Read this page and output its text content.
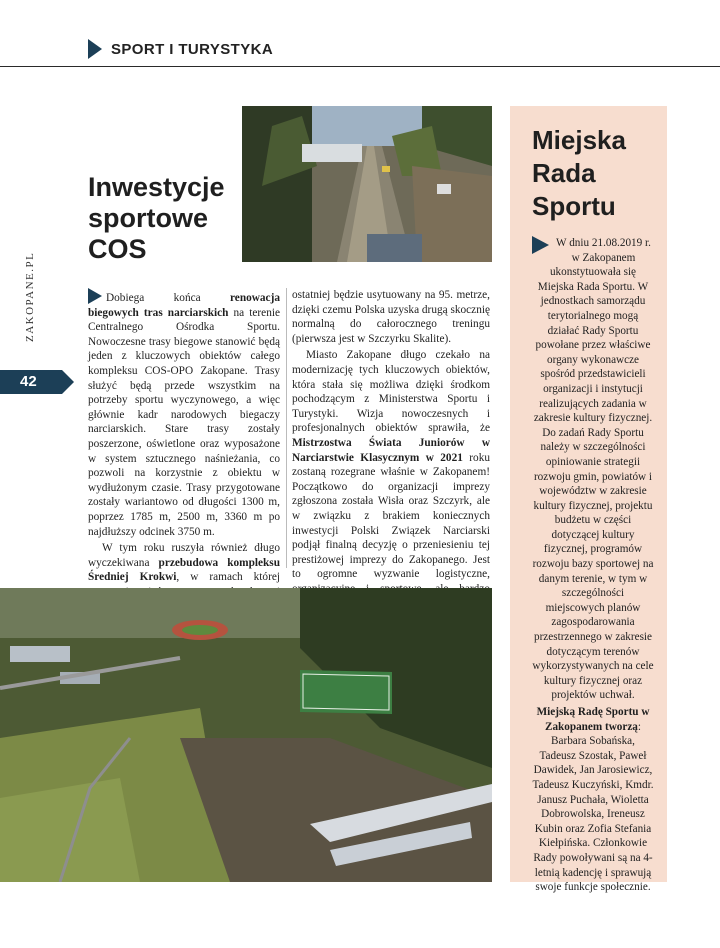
SPORT I TURYSTYKA
ZAKOPANE.PL
42
Inwestycje sportowe COS

Dobiega końca renowacja biegowych tras narciarskich na terenie Centralnego Ośrodka Sportu. Nowoczesne trasy biegowe stanowić będą jeden z kluczowych obiektów całego kompleksu COS-OPO Zakopane. Trasy służyć będą przede wszystkim na potrzeby sportu wyczynowego, a więc głównie kadr narodowych biegaczy narciarskich. Stare trasy zostały poszerzone, oświetlone oraz wyposażone w system sztucznego naśnieżania, co pozwoli na korzystnie z obiektu w wydłużonym czasie. Trasy przygotowane zostały wariantowo od długości 1300 m, poprzez 1785 m, 2500 m, 3360 m po najdłuższy odcinek 3750 m.

W tym roku ruszyła również długo wyczekiwana przebudowa kompleksu Średniej Krokwi, w ramach której

ostatniej będzie usytuowany na 95. metrze, dzięki czemu Polska uzyska drugą skocznię normalną do całorocznego treningu (pierwsza jest w Szczyrku Skalite).

Miasto Zakopane długo czekało na modernizację tych kluczowych obiektów, która stała się możliwa dzięki środkom pochodzącym z Ministerstwa Sportu i Turystyki. Wizja nowoczesnych i profesjonalnych obiektów sprawiła, że Mistrzostwa Świata Juniorów w Narciarstwie Klasycznym w 2021 roku zostaną rozegrane właśnie w Zakopanem! Początkowo do organizacji imprezy zgłoszona została Wisła oraz Szczyrk, ale w związku z brakiem koniecznych inwestycji Polski Związek Narciarski podjął finalną decyzję o przeniesieniu tej prestiżowej imprezy do Zakopanego. Jest to ogromne wyzwanie logistyczne,

Miejska Rada Sportu

W dniu 21.08.2019 r. w Zakopanem ukonstytuowała się Miejska Rada Sportu. W jednostkach samorządu terytorialnego mogą działać Rady Sportu powołane przez właściwe organy wykonawcze spośród przedstawicieli organizacji i instytucji realizujących zadania w zakresie kultury fizycznej. Do zadań Rady Sportu należy w szczególności opiniowanie strategii rozwoju gmin, powiatów i województw w zakresie kultury fizycznej, projektu budżetu w części dotyczącej kultury fizycznej, programów rozwoju bazy sportowej na danym terenie, w tym w szczególności miejscowych planów zagospodarowania przestrzennego w zakresie dotyczącym terenów wykorzystywanych na cele kultury fizycznej oraz projektów uchwał.

Miejską Radę Sportu w Zakopanem tworzą: Barbara Sobańska, Tadeusz Szostak, Paweł Dawidek, Jan Jarosiewicz, Tadeusz Kuczyński, Kmdr. Janusz Puchała, Wioletta Dobrowolska, Ireneusz Kubin oraz Zofia Stefania Kiełpińska. Członkowie Rady powoływani są na 4-letnią kadencję i sprawują swoje funkcje społecznie.
